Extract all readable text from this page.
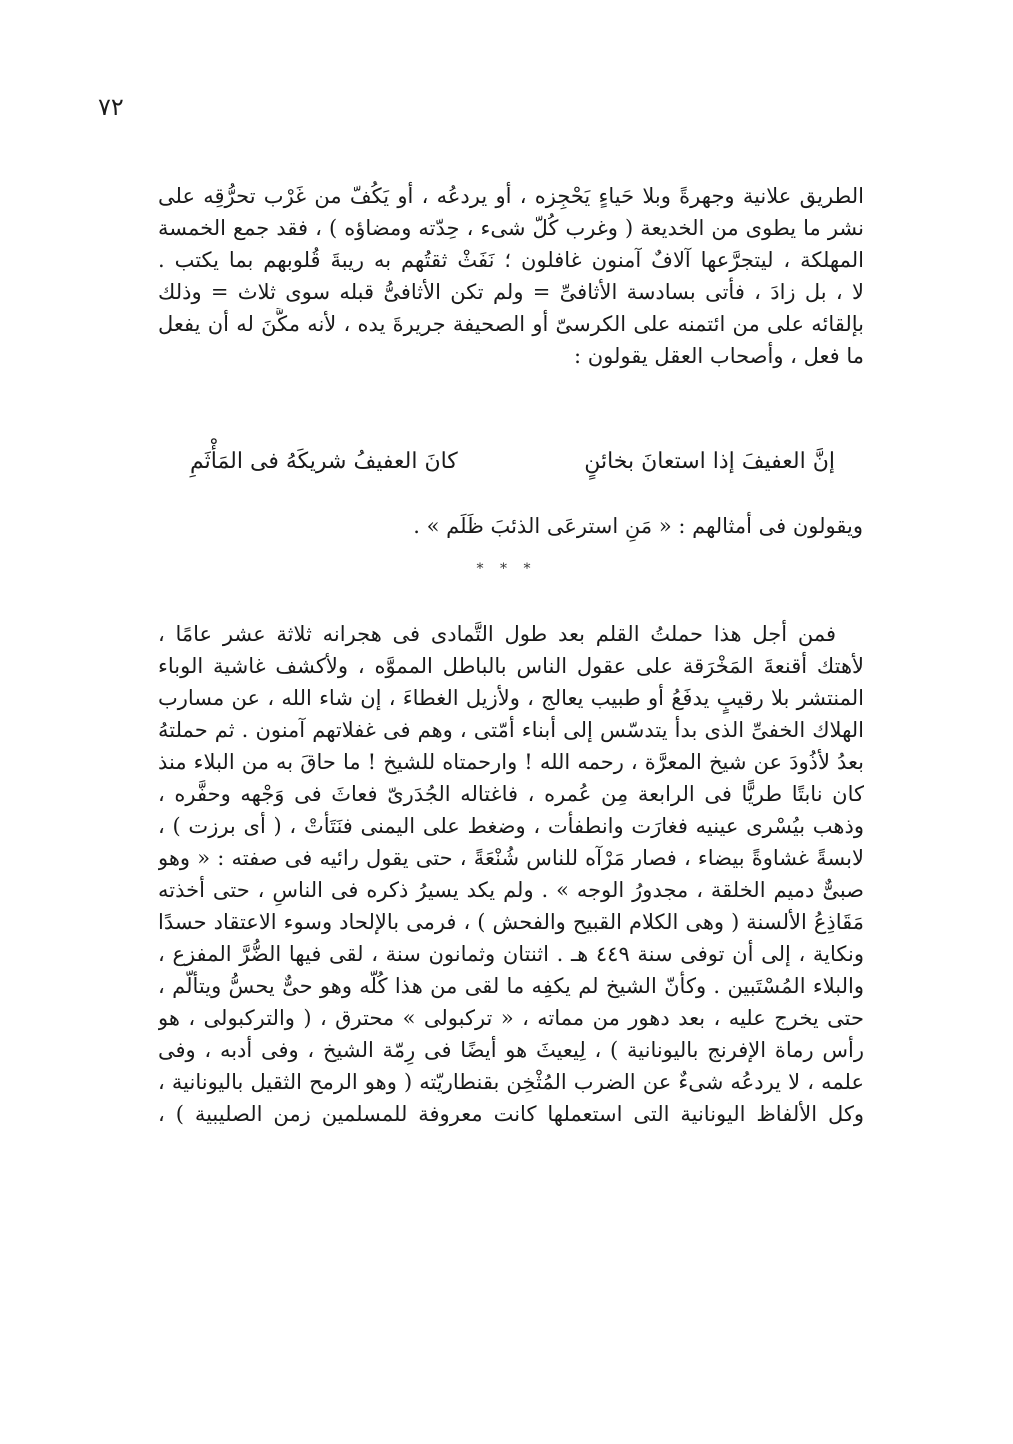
٧٢
الطريق علانية وجهرةً وبلا حَياءٍ يَحْجِزه ، أو يردعُه ، أو يَكُفّ من غَرْب تحرُّقِه على
نشر ما يطوى من الخديعة ( وغرب كُلّ شىء ، حِدّته ومضاؤه ) ، فقد جمع الخمسة
المهلكة ، ليتجرَّعها آلافٌ آمنون غافلون ؛ نَفَثْ ثقتُهم به ريبةَ قُلوبهم بما يكتب .
لا ، بل زادَ ، فأتى بسادسة الأثافىِّ = ولم تكن الأثافىُّ قبله سوى ثلاث = وذلك
بإلقائه على من ائتمنه على الكرسىّ أو الصحيفة جريرةَ يده ، لأنه مكَّنَ له أن يفعل
ما فعل ، وأصحاب العقل يقولون :
إنَّ العفيفَ إذا استعانَ بخائنٍ
كانَ العفيفُ شريكَهُ فى المَأْثَمِ
ويقولون فى أمثالهم : « مَنِ استرعَى الذئبَ ظَلَم » .
* * *
فمن أجل هذا حملتُ القلم بعد طول التَّمادى فى هجرانه ثلاثة عشر عامًا ،
لأهتك أقنعةَ المَخْرَقة على عقول الناس بالباطل المموَّه ، ولأكشف غاشية الوباء
المنتشر بلا رقيبٍ يدفَعُ أو طبيب يعالج ، ولأزيل الغطاءَ ، إن شاء الله ، عن مسارب
الهلاك الخفىِّ الذى بدأ يتدسّس إلى أبناء أمّتى ، وهم فى غفلاتهم آمنون . ثم حملتهُ
بعدُ لأذُودَ عن شيخ المعرَّة ، رحمه الله ! وارحمتاه للشيخ ! ما حاقَ به من البلاء منذ
كان نابتًا طريًّا فى الرابعة مِن عُمره ، فاغتاله الجُدَرىّ فعاثَ فى وَجْهه وحفَّره ،
وذهب بيُسْرى عينيه فغارَت وانطفأت ، وضغط على اليمنى فنَتَأَتْ ، ( أى برزت ) ،
لابسةً غشاوةً بيضاء ، فصار مَرْآه للناس شُنْعَةً ، حتى يقول رائيه فى صفته : « وهو
صبىٌّ دميم الخلقة ، مجدورُ الوجه » . ولم يكد يسيرُ ذكره فى الناسِ ، حتى أخذته
مَقَاذِعُ الألسنة ( وهى الكلام القبيح والفحش ) ، فرمى بالإلحاد وسوء الاعتقاد حسدًا
ونكاية ، إلى أن توفى سنة ٤٤٩ هـ . اثنتان وثمانون سنة ، لقى فيها الضُّرَّ المفزع ،
والبلاء المُسْتَبين . وكأنّ الشيخ لم يكفِه ما لقى من هذا كُلّه وهو حىٌّ يحسُّ ويتألّم ،
حتى يخرج عليه ، بعد دهور من مماته ، « تركبولى » محترق ، ( والتركبولى ، هو
رأس رماة الإفرنج باليونانية ) ، لِيعيثَ هو أيضًا فى رِمّة الشيخ ، وفى أدبه ، وفى
علمه ، لا يردعُه شىءٌ عن الضرب المُثْخِن بقنطاريّته ( وهو الرمح الثقيل باليونانية ،
وكل الألفاظ اليونانية التى استعملها كانت معروفة للمسلمين زمن الصليبية ) ،
